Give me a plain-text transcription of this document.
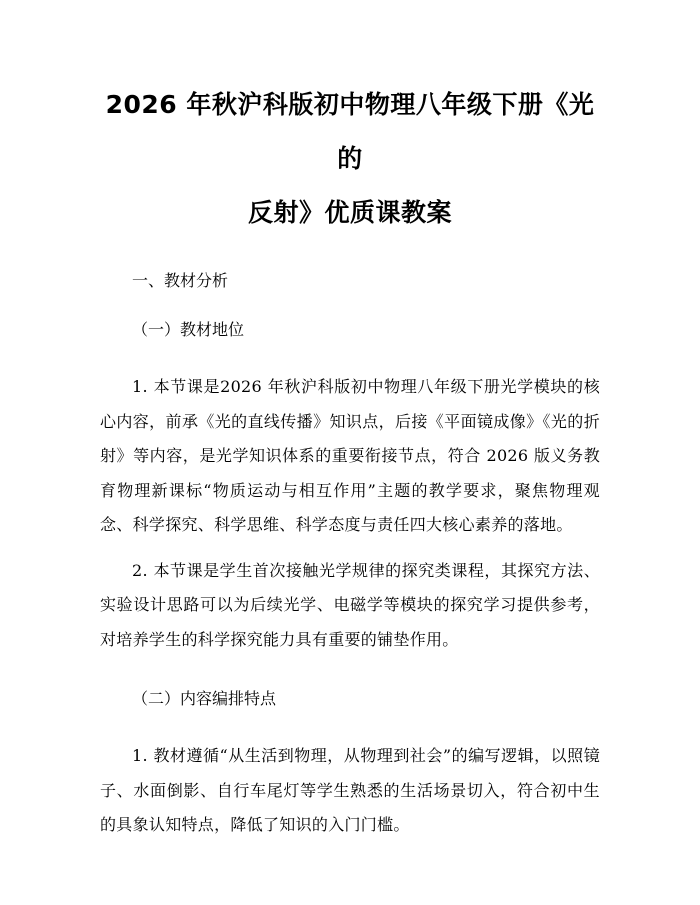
2026 年秋沪科版初中物理八年级下册《光的
反射》优质课教案

一、教材分析

（一）教材地位

1. 本节课是2026 年秋沪科版初中物理八年级下册光学模块的核心内容，前承《光的直线传播》知识点，后接《平面镜成像》《光的折射》等内容，是光学知识体系的重要衔接节点，符合 2026 版义务教育物理新课标“物质运动与相互作用”主题的教学要求，聚焦物理观念、科学探究、科学思维、科学态度与责任四大核心素养的落地。

2. 本节课是学生首次接触光学规律的探究类课程，其探究方法、实验设计思路可以为后续光学、电磁学等模块的探究学习提供参考，对培养学生的科学探究能力具有重要的铺垫作用。

（二）内容编排特点

1. 教材遵循“从生活到物理，从物理到社会”的编写逻辑，以照镜子、水面倒影、自行车尾灯等学生熟悉的生活场景切入，符合初中生的具象认知特点，降低了知识的入门门槛。
